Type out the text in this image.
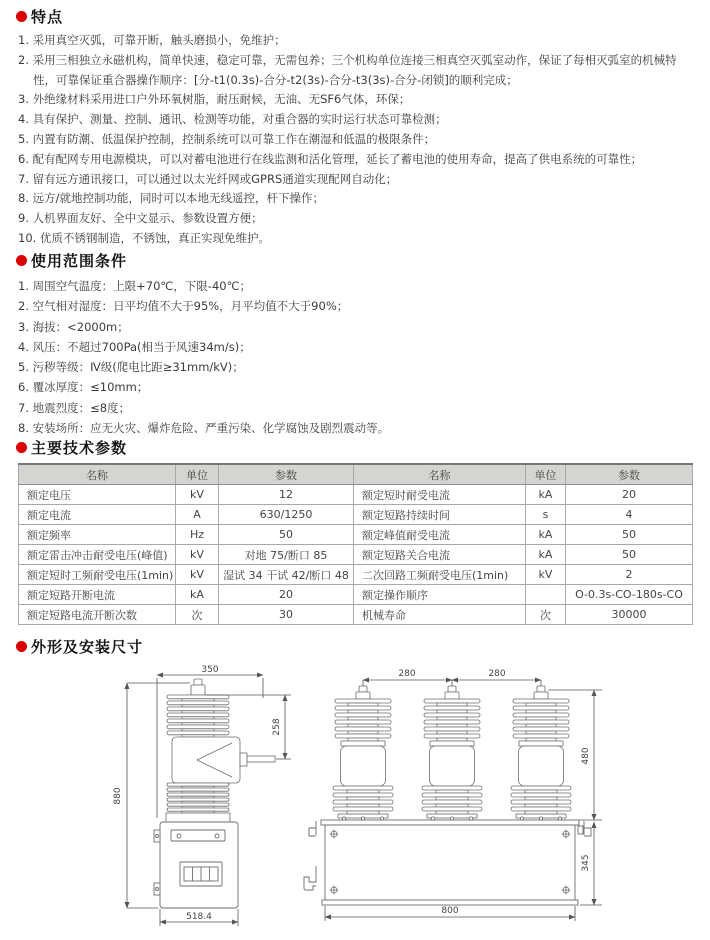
特点
1. 采用真空灭弧，可靠开断，触头磨损小，免维护；
2. 采用三相独立永磁机构，简单快速，稳定可靠，无需包养；三个机构单位连接三相真空灭弧室动作，保证了每相灭弧室的机械特性，可靠保证重合器操作顺序：[分-t1(0.3s)-合分-t2(3s)-合分-t3(3s)-合分-闭锁]的顺利完成；
3. 外绝缘材料采用进口户外环氧树脂，耐压耐候，无油、无SF6气体，环保；
4. 具有保护、测量、控制、通讯、检测等功能，对重合器的实时运行状态可靠检测；
5. 内置有防潮、低温保护控制，控制系统可以可靠工作在潮湿和低温的极限条件；
6. 配有配网专用电源模块，可以对蓄电池进行在线监测和活化管理，延长了蓄电池的使用寿命，提高了供电系统的可靠性；
7. 留有远方通讯接口，可以通过以太光纤网或GPRS通道实现配网自动化；
8. 远方/就地控制功能，同时可以本地无线遥控，杆下操作；
9. 人机界面友好、全中文显示、参数设置方便；
10. 优质不锈钢制造，不锈蚀，真正实现免维护。
使用范围条件
1. 周围空气温度：上限+70℃，下限-40℃；
2. 空气相对湿度：日平均值不大于95%，月平均值不大于90%；
3. 海拔：<2000m；
4. 风压：不超过700Pa(相当于风速34m/s)；
5. 污秽等级：Ⅳ级(爬电比距≥31mm/kV)；
6. 覆冰厚度：≤10mm；
7. 地震烈度：≤8度；
8. 安装场所：应无火灾、爆炸危险、严重污染、化学腐蚀及剧烈震动等。
主要技术参数
名称	单位	参数	名称	单位	参数
额定电压	kV	12	额定短时耐受电流	kA	20
额定电流	A	630/1250	额定短路持续时间	s	4
额定频率	Hz	50	额定峰值耐受电流	kA	50
额定雷击冲击耐受电压(峰值)	kV	对地 75/断口 85	额定短路关合电流	kA	50
额定短时工频耐受电压(1min)	kV	湿试 34 干试 42/断口 48	二次回路工频耐受电压(1min)	kV	2
额定短路开断电流	kA	20	额定操作顺序		O-0.3s-CO-180s-CO
额定短路电流开断次数	次	30	机械寿命	次	30000
外形及安装尺寸
350
880
258
518.4
280	280
480
345
800
